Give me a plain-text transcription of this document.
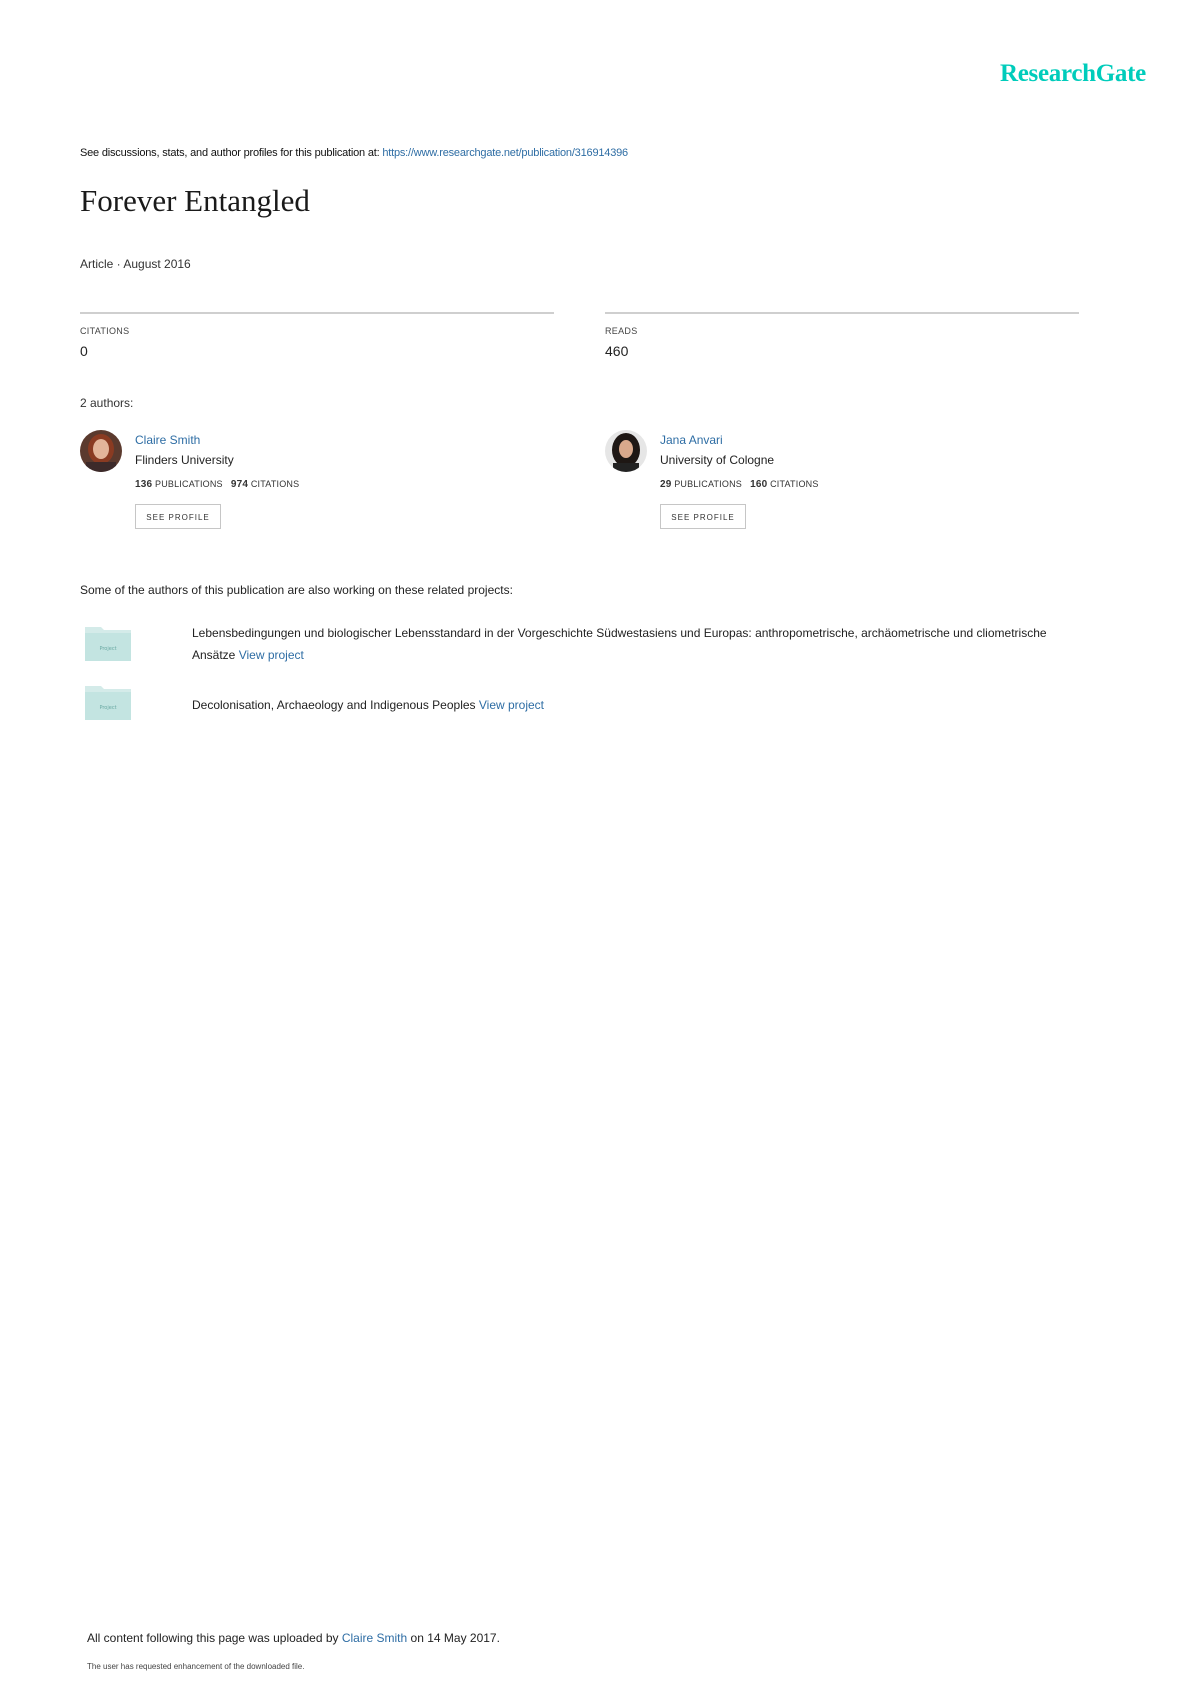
ResearchGate
See discussions, stats, and author profiles for this publication at: https://www.researchgate.net/publication/316914396
Forever Entangled
Article · August 2016
CITATIONS
0
READS
460
2 authors:
Claire Smith
Flinders University
136 PUBLICATIONS 974 CITATIONS
SEE PROFILE
Jana Anvari
University of Cologne
29 PUBLICATIONS 160 CITATIONS
SEE PROFILE
Some of the authors of this publication are also working on these related projects:
Project
Lebensbedingungen und biologischer Lebensstandard in der Vorgeschichte Südwestasiens und Europas: anthropometrische, archäometrische und cliometrische Ansätze View project
Project	Decolonisation, Archaeology and Indigenous Peoples View project
All content following this page was uploaded by Claire Smith on 14 May 2017.
The user has requested enhancement of the downloaded file.
